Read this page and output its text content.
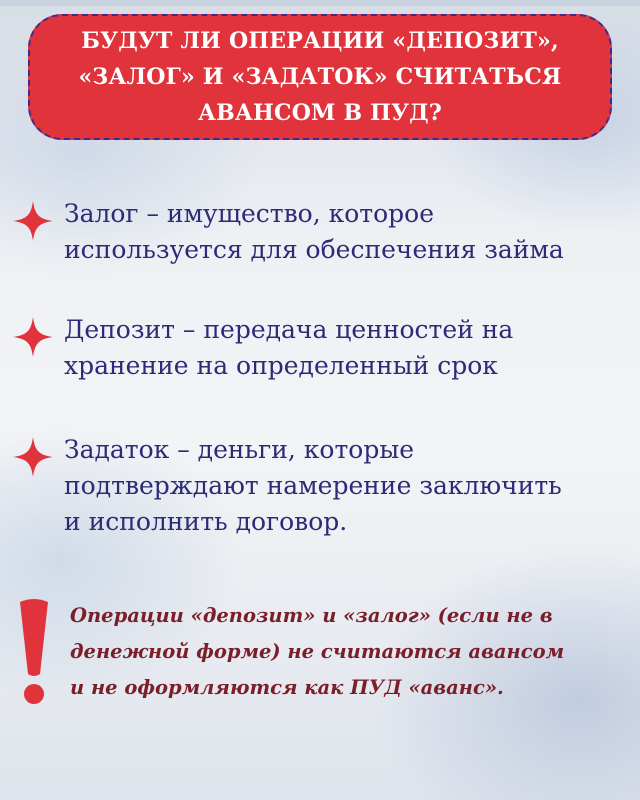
БУДУТ ЛИ ОПЕРАЦИИ «ДЕПОЗИТ»,
«ЗАЛОГ» И «ЗАДАТОК» СЧИТАТЬСЯ
АВАНСОМ В ПУД?
Залог – имущество, которое
используется для обеспечения займа
Депозит – передача ценностей на
хранение на определенный срок
Задаток – деньги, которые
подтверждают намерение заключить
и исполнить договор.
Операции «депозит» и «залог» (если не в
денежной форме) не считаются авансом
и не оформляются как ПУД «аванс».
